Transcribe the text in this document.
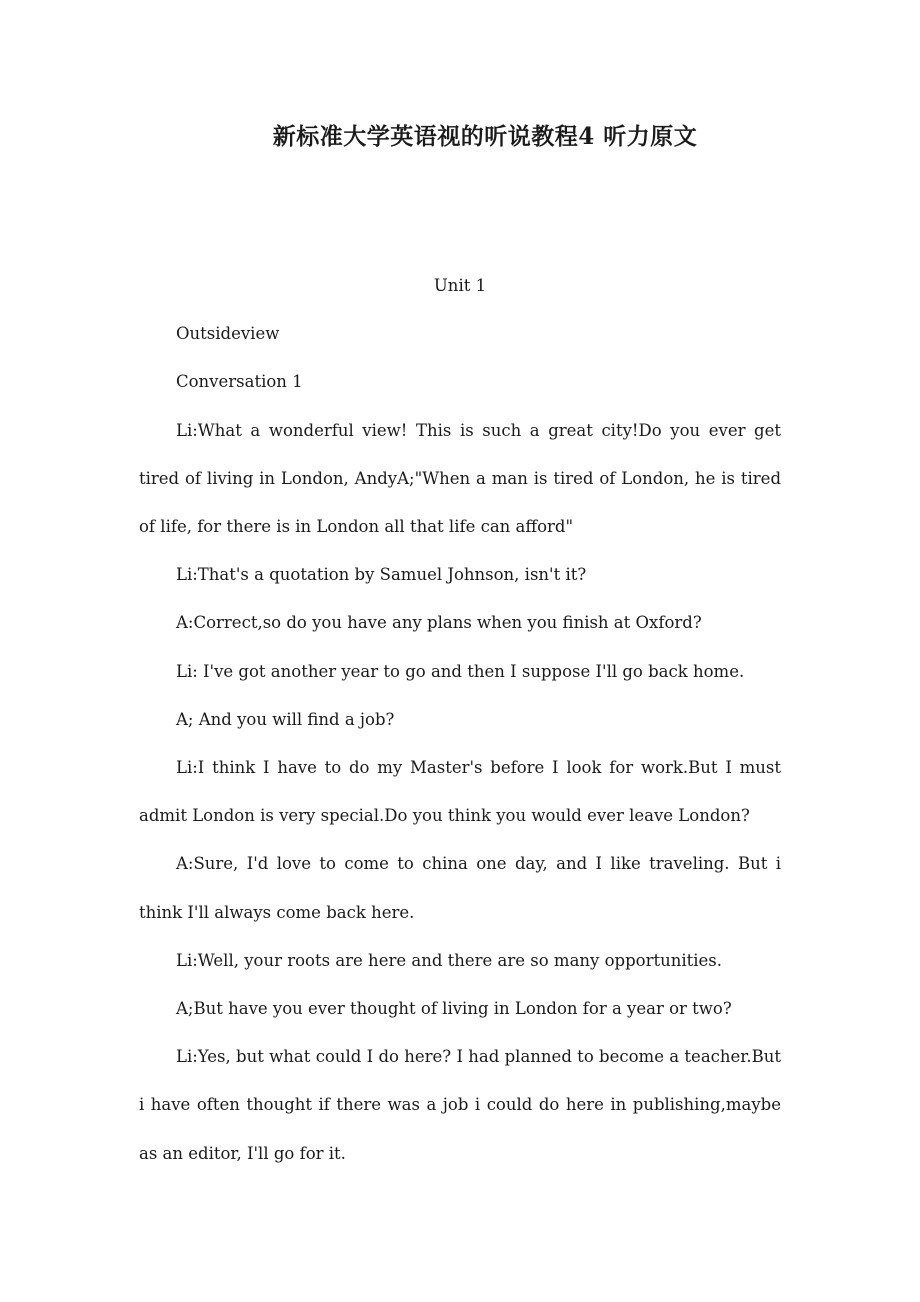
新标准大学英语视的听说教程4 听力原文

Unit 1

Outsideview

Conversation 1

Li:What a wonderful view! This is such a great city!Do you ever get tired of living in London, AndyA;"When a man is tired of London, he is tired of life, for there is in London all that life can afford"

Li:That's a quotation by Samuel Johnson, isn't it?

A:Correct,so do you have any plans when you finish at Oxford?

Li: I've got another year to go and then I suppose I'll go back home.

A; And you will find a job?

Li:I think I have to do my Master's before I look for work.But I must admit London is very special.Do you think you would ever leave London?

A:Sure, I'd love to come to china one day, and I like traveling. But i think I'll always come back here.

Li:Well, your roots are here and there are so many opportunities.

A;But have you ever thought of living in London for a year or two?

Li:Yes, but what could I do here? I had planned to become a teacher.But i have often thought if there was a job i could do here in publishing,maybe as an editor, I'll go for it.
